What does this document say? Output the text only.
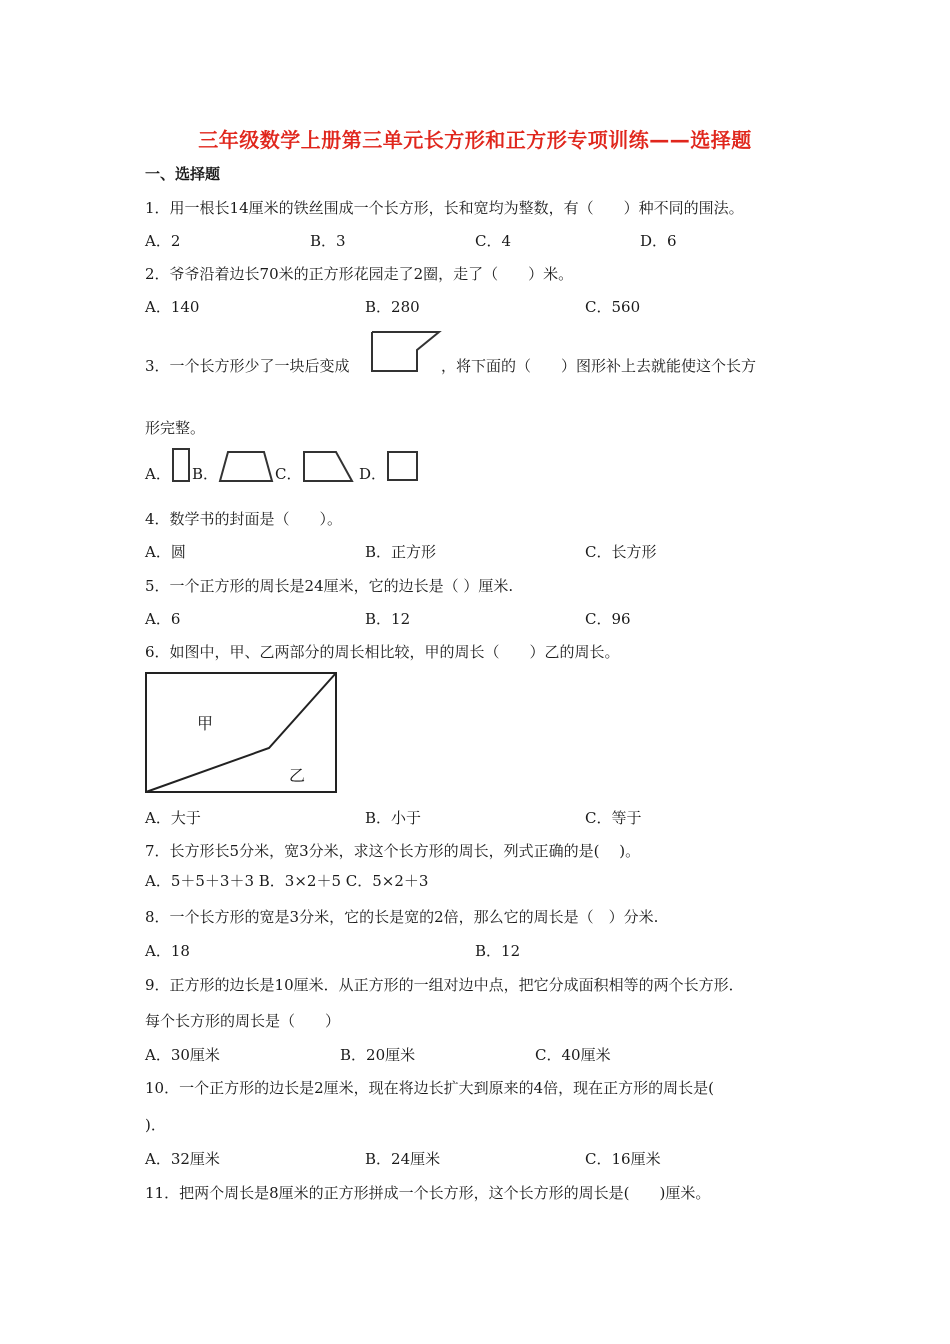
三年级数学上册第三单元长方形和正方形专项训练——选择题
一、选择题
1．用一根长14厘米的铁丝围成一个长方形，长和宽均为整数，有（　　）种不同的围法。
A．2	B．3	C．4	D．6
2．爷爷沿着边长70米的正方形花园走了2圈，走了（　　）米。
A．140	B．280	C．560
3．一个长方形少了一块后变成	，将下面的（　　）图形补上去就能使这个长方
形完整。
A． B．	C．	D．
4．数学书的封面是（　　）。
A．圆	B．正方形	C．长方形
5．一个正方形的周长是24厘米，它的边长是（ ）厘米.
A．6	B．12	C．96
6．如图中，甲、乙两部分的周长相比较，甲的周长（　　）乙的周长。
甲
乙
A．大于	B．小于	C．等于
7．长方形长5分米，宽3分米，求这个长方形的周长，列式正确的是(　 )。
A．5＋5＋3＋3 B．3×2＋5 C．5×2＋3
8．一个长方形的宽是3分米，它的长是宽的2倍，那么它的周长是（　）分米.
A．18	B．12
9．正方形的边长是10厘米．从正方形的一组对边中点，把它分成面积相等的两个长方形．
每个长方形的周长是（　　）
A．30厘米	B．20厘米	C．40厘米
10．一个正方形的边长是2厘米，现在将边长扩大到原来的4倍，现在正方形的周长是(
)．
A．32厘米	B．24厘米	C．16厘米
11．把两个周长是8厘米的正方形拼成一个长方形，这个长方形的周长是(　　)厘米。
